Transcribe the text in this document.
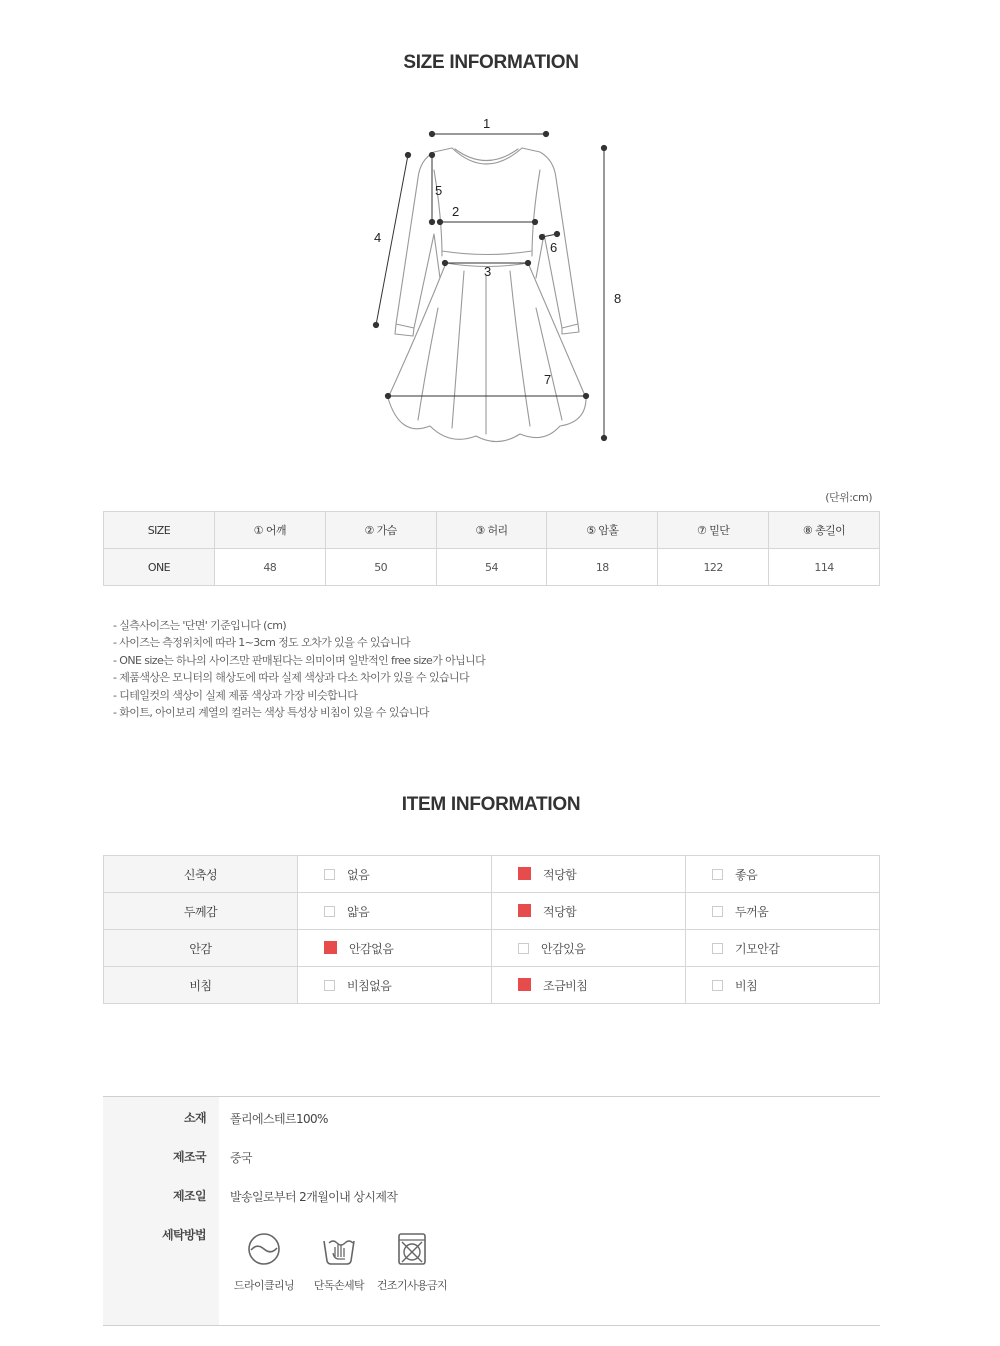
SIZE INFORMATION
1
2
3
4
5
6
7
8
(단위:cm)
SIZE	① 어깨	② 가슴	③ 허리	⑤ 암홀	⑦ 밑단	⑧ 총길이
ONE	48	50	54	18	122	114
- 실측사이즈는 '단면' 기준입니다 (cm)
- 사이즈는 측정위치에 따라 1~3cm 정도 오차가 있을 수 있습니다
- ONE size는 하나의 사이즈만 판매된다는 의미이며 일반적인 free size가 아닙니다
- 제품색상은 모니터의 해상도에 따라 실제 색상과 다소 차이가 있을 수 있습니다
- 디테일컷의 색상이 실제 제품 색상과 가장 비슷합니다
- 화이트, 아이보리 계열의 컬러는 색상 특성상 비침이 있을 수 있습니다
ITEM INFORMATION
신축성	없음	적당함	좋음
두께감	얇음	적당함	두꺼움
안감	안감없음	안감있음	기모안감
비침	비침없음	조금비침	비침
소재 폴리에스테르100%
제조국 중국
제조일 발송일로부터 2개월이내 상시제작
세탁방법
드라이클리닝	단독손세탁	건조기사용금지
